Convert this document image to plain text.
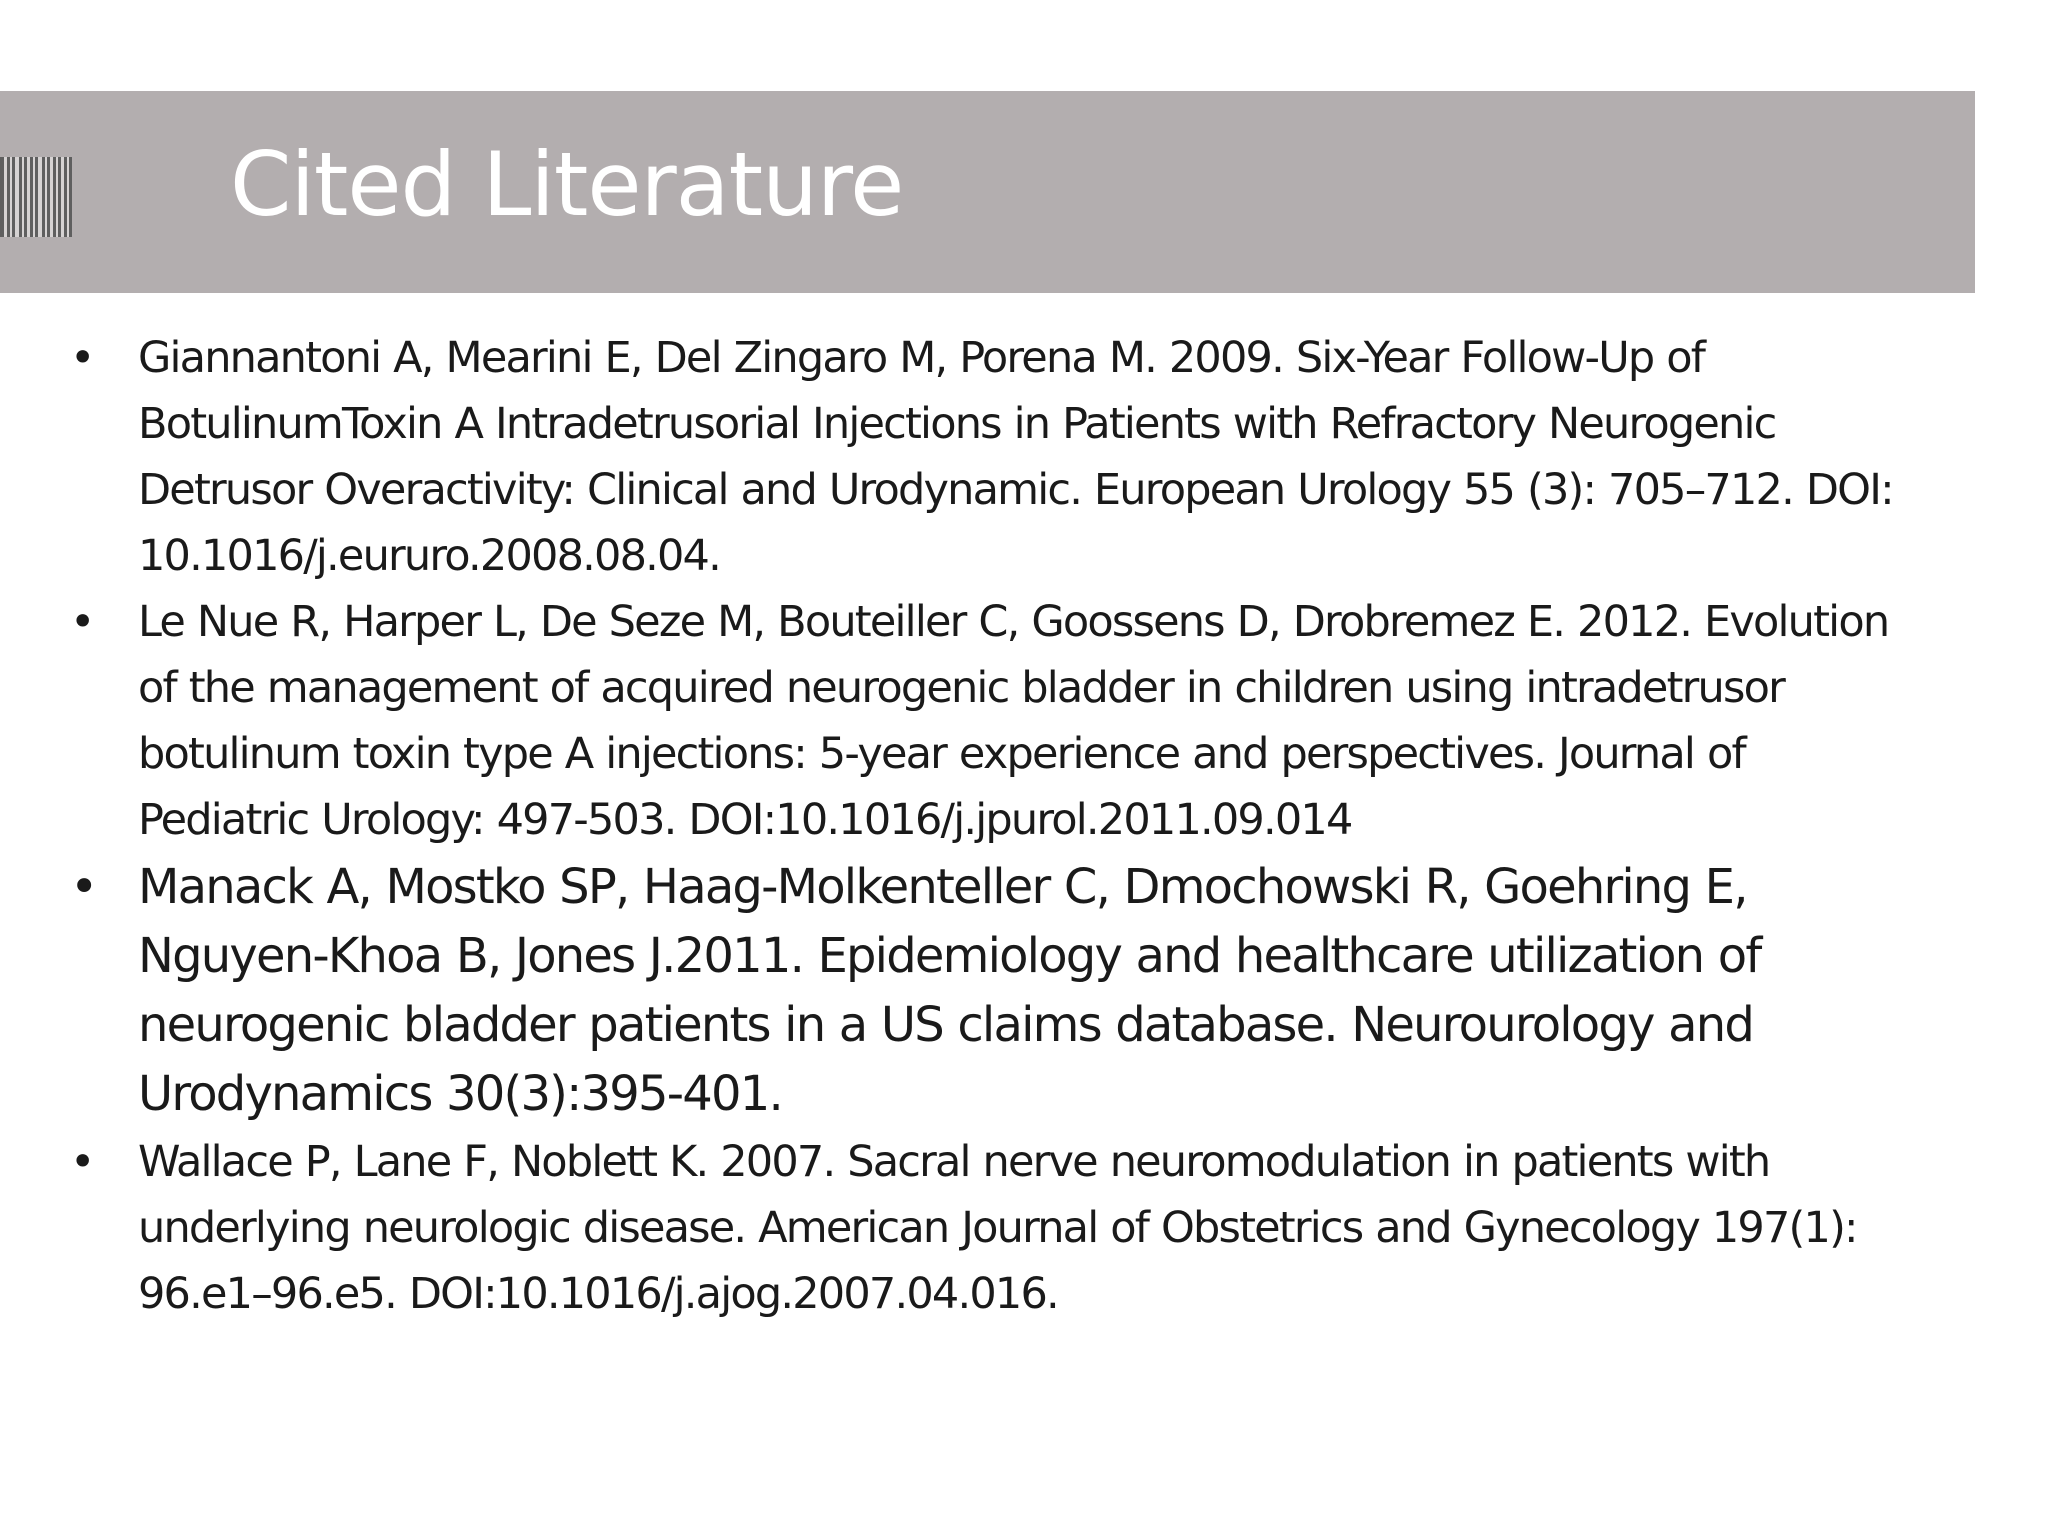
Cited Literature
• Giannantoni A, Mearini E, Del Zingaro M, Porena M. 2009. Six-Year Follow-Up of BotulinumToxin A Intradetrusorial Injections in Patients with Refractory Neurogenic Detrusor Overactivity: Clinical and Urodynamic. European Urology 55 (3): 705–712. DOI: 10.1016/j.eururo.2008.08.04.
• Le Nue R, Harper L, De Seze M, Bouteiller C, Goossens D, Drobremez E. 2012. Evolution of the management of acquired neurogenic bladder in children using intradetrusor botulinum toxin type A injections: 5-year experience and perspectives. Journal of Pediatric Urology: 497-503. DOI:10.1016/j.jpurol.2011.09.014
• Manack A, Mostko SP, Haag-Molkenteller C, Dmochowski R, Goehring E, Nguyen-Khoa B, Jones J.2011. Epidemiology and healthcare utilization of neurogenic bladder patients in a US claims database. Neurourology and Urodynamics 30(3):395-401.
• Wallace P, Lane F, Noblett K. 2007. Sacral nerve neuromodulation in patients with underlying neurologic disease. American Journal of Obstetrics and Gynecology 197(1): 96.e1–96.e5. DOI:10.1016/j.ajog.2007.04.016.
